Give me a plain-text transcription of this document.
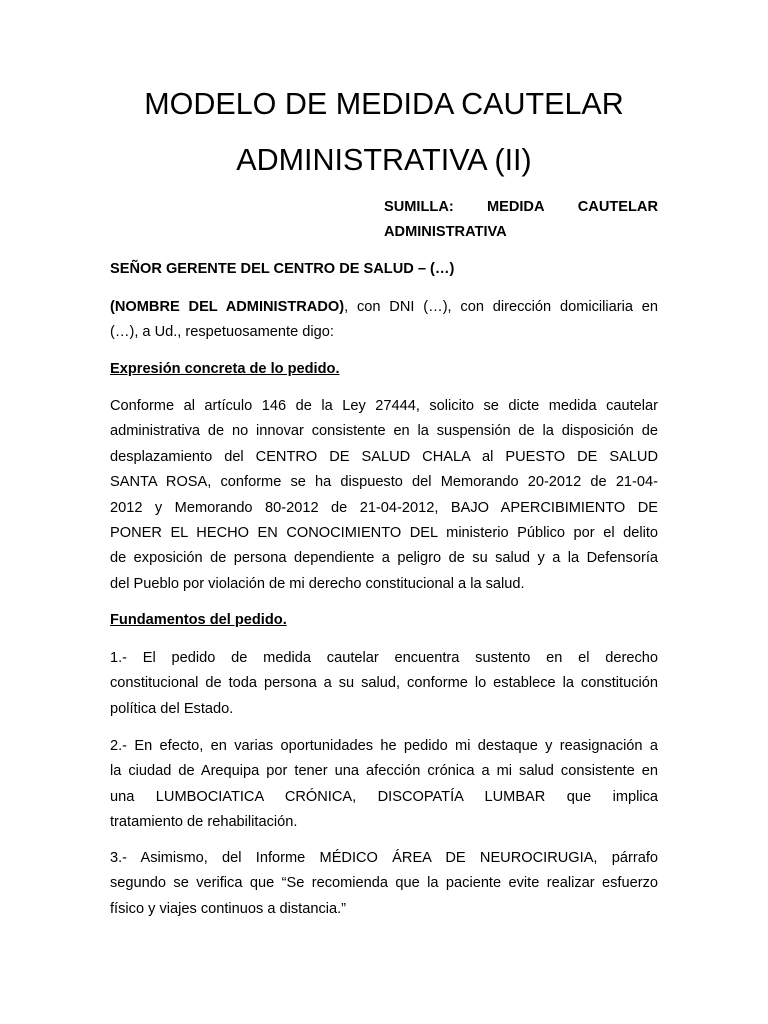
MODELO DE MEDIDA CAUTELAR
ADMINISTRATIVA (II)
SUMILLA: MEDIDA CAUTELAR
ADMINISTRATIVA

SEÑOR GERENTE DEL CENTRO DE SALUD – (…)

(NOMBRE DEL ADMINISTRADO), con DNI (…), con dirección domiciliaria en
(…), a Ud., respetuosamente digo:

Expresión concreta de lo pedido.

Conforme al artículo 146 de la Ley 27444, solicito se dicte medida cautelar
administrativa de no innovar consistente en la suspensión de la disposición de
desplazamiento del CENTRO DE SALUD CHALA al PUESTO DE SALUD
SANTA ROSA, conforme se ha dispuesto del Memorando 20-2012 de 21-04-
2012 y Memorando 80-2012 de 21-04-2012, BAJO APERCIBIMIENTO DE
PONER EL HECHO EN CONOCIMIENTO DEL ministerio Público por el delito
de exposición de persona dependiente a peligro de su salud y a la Defensoría
del Pueblo por violación de mi derecho constitucional a la salud.

Fundamentos del pedido.

1.- El pedido de medida cautelar encuentra sustento en el derecho
constitucional de toda persona a su salud, conforme lo establece la constitución
política del Estado.
2.- En efecto, en varias oportunidades he pedido mi destaque y reasignación a
la ciudad de Arequipa por tener una afección crónica a mi salud consistente en
una LUMBOCIATICA CRÓNICA, DISCOPATÍA LUMBAR que implica
tratamiento de rehabilitación.
3.- Asimismo, del Informe MÉDICO ÁREA DE NEUROCIRUGIA, párrafo
segundo se verifica que “Se recomienda que la paciente evite realizar esfuerzo
físico y viajes continuos a distancia.”
